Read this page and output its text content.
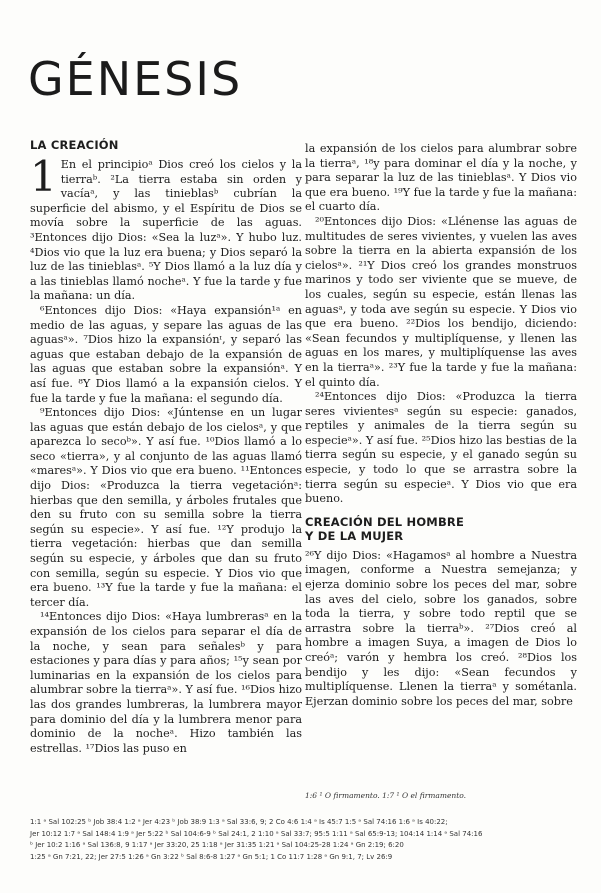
GÉNESIS
LA CREACIÓN

1 En el principioᵃ Dios creó los cielos y la tierraᵇ. ²La tierra estaba sin orden y vacíaᵃ, y las tinieblasᵇ cubrían la superficie del abismo, y el Espíritu de Dios se movía sobre la superficie de las aguas. ³Entonces dijo Dios: «Sea la luzᵃ». Y hubo luz. ⁴Dios vio que la luz era buena; y Dios separó la luz de las tinieblasᵃ. ⁵Y Dios llamó a la luz día y a las tinieblas llamó nocheᵃ. Y fue la tarde y fue la mañana: un día.

⁶Entonces dijo Dios: «Haya expansión¹ᵃ en medio de las aguas, y separe las aguas de las aguasᵃ». ⁷Dios hizo la expansiónᶦ, y separó las aguas que estaban debajo de la expansión de las aguas que estaban sobre la expansiónᵃ. Y así fue. ⁸Y Dios llamó a la expansión cielos. Y fue la tarde y fue la mañana: el segundo día.

⁹Entonces dijo Dios: «Júntense en un lugar las aguas que están debajo de los cielosᵃ, y que aparezca lo secoᵇ». Y así fue. ¹⁰Dios llamó a lo seco «tierra», y al conjunto de las aguas llamó «maresᵃ». Y Dios vio que era bueno. ¹¹Entonces dijo Dios: «Produzca la tierra vegetaciónᵃ: hierbas que den semilla, y árboles frutales que den su fruto con su semilla sobre la tierra según su especie». Y así fue. ¹²Y produjo la tierra vegetación: hierbas que dan semilla según su especie, y árboles que dan su fruto con semilla, según su especie. Y Dios vio que era bueno. ¹³Y fue la tarde y fue la mañana: el tercer día.

¹⁴Entonces dijo Dios: «Haya lumbrerasᵃ en la expansión de los cielos para separar el día de la noche, y sean para señalesᵇ y para estaciones y para días y para años; ¹⁵y sean por luminarias en la expansión de los cielos para alumbrar sobre la tierraᵃ». Y así fue. ¹⁶Dios hizo las dos grandes lumbreras, la lumbrera mayor para dominio del día y la lumbrera menor para dominio de la nocheᵃ. Hizo también las estrellas. ¹⁷Dios las puso en

la expansión de los cielos para alumbrar sobre la tierraᵃ, ¹⁸y para dominar el día y la noche, y para separar la luz de las tinieblasᵃ. Y Dios vio que era bueno. ¹⁹Y fue la tarde y fue la mañana: el cuarto día.

²⁰Entonces dijo Dios: «Llénense las aguas de multitudes de seres vivientes, y vuelen las aves sobre la tierra en la abierta expansión de los cielosᵃ». ²¹Y Dios creó los grandes monstruos marinos y todo ser viviente que se mueve, de los cuales, según su especie, están llenas las aguasᵃ, y toda ave según su especie. Y Dios vio que era bueno. ²²Dios los bendijo, diciendo: «Sean fecundos y multiplíquense, y llenen las aguas en los mares, y multiplíquense las aves en la tierraᵃ». ²³Y fue la tarde y fue la mañana: el quinto día.

²⁴Entonces dijo Dios: «Produzca la tierra seres vivientesᵃ según su especie: ganados, reptiles y animales de la tierra según su especieᵃ». Y así fue. ²⁵Dios hizo las bestias de la tierra según su especie, y el ganado según su especie, y todo lo que se arrastra sobre la tierra según su especieᵃ. Y Dios vio que era bueno.

CREACIÓN DEL HOMBRE
Y DE LA MUJER

²⁶Y dijo Dios: «Hagamosᵃ al hombre a Nuestra imagen, conforme a Nuestra semejanza; y ejerza dominio sobre los peces del mar, sobre las aves del cielo, sobre los ganados, sobre toda la tierra, y sobre todo reptil que se arrastra sobre la tierraᵇ». ²⁷Dios creó al hombre a imagen Suya, a imagen de Dios lo creóᵃ; varón y hembra los creó. ²⁸Dios los bendijo y les dijo: «Sean fecundos y multiplíquense. Llenen la tierraᵃ y sométanla. Ejerzan dominio sobre los peces del mar, sobre

1:6 ¹ O firmamento. 1:7 ¹ O el firmamento.
1:1 ᵃ Sal 102:25 ᵇ Job 38:4 1:2 ᵃ Jer 4:23 ᵇ Job 38:9 1:3 ᵃ Sal 33:6, 9; 2 Co 4:6 1:4 ᵃ Is 45:7 1:5 ᵃ Sal 74:16 1:6 ᵃ Is 40:22;
Jer 10:12 1:7 ᵃ Sal 148:4 1:9 ᵃ Jer 5:22 ᵇ Sal 104:6-9 ᵇ Sal 24:1, 2 1:10 ᵃ Sal 33:7; 95:5 1:11 ᵃ Sal 65:9-13; 104:14 1:14 ᵃ Sal 74:16
ᵇ Jer 10:2 1:16 ᵃ Sal 136:8, 9 1:17 ᵃ Jer 33:20, 25 1:18 ᵃ Jer 31:35 1:21 ᵃ Sal 104:25-28 1:24 ᵃ Gn 2:19; 6:20
1:25 ᵃ Gn 7:21, 22; Jer 27:5 1:26 ᵃ Gn 3:22 ᵇ Sal 8:6-8 1:27 ᵃ Gn 5:1; 1 Co 11:7 1:28 ᵃ Gn 9:1, 7; Lv 26:9
